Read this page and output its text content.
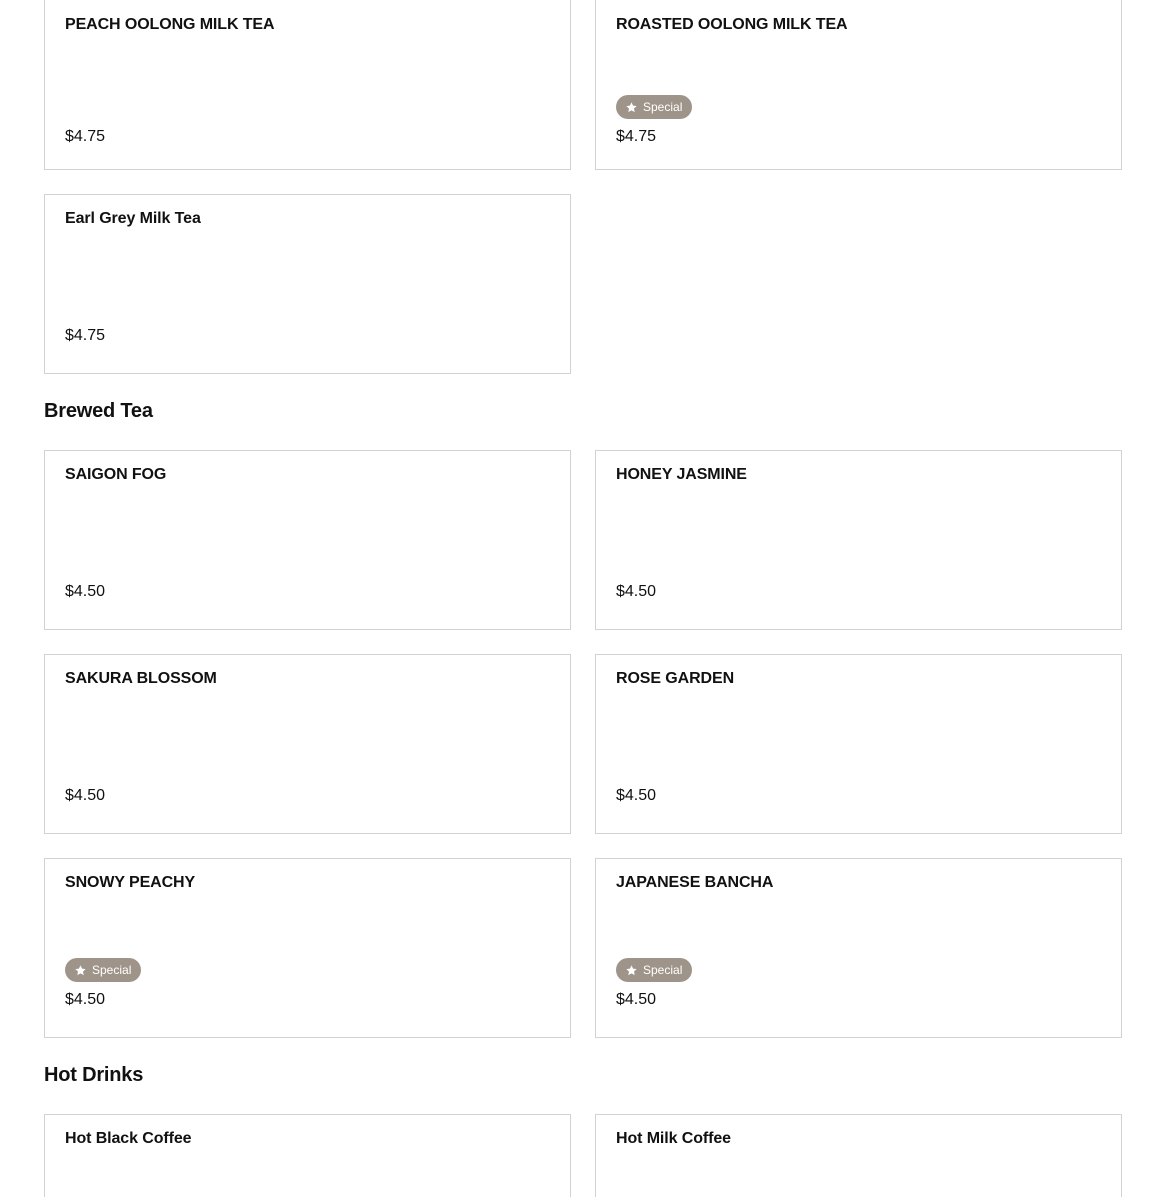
PEACH OOLONG MILK TEA
$4.75
ROASTED OOLONG MILK TEA
Special
$4.75
Earl Grey Milk Tea
$4.75
Brewed Tea
SAIGON FOG
$4.50
HONEY JASMINE
$4.50
SAKURA BLOSSOM
$4.50
ROSE GARDEN
$4.50
SNOWY PEACHY
Special
$4.50
JAPANESE BANCHA
Special
$4.50
Hot Drinks
Hot Black Coffee	Hot Milk Coffee
